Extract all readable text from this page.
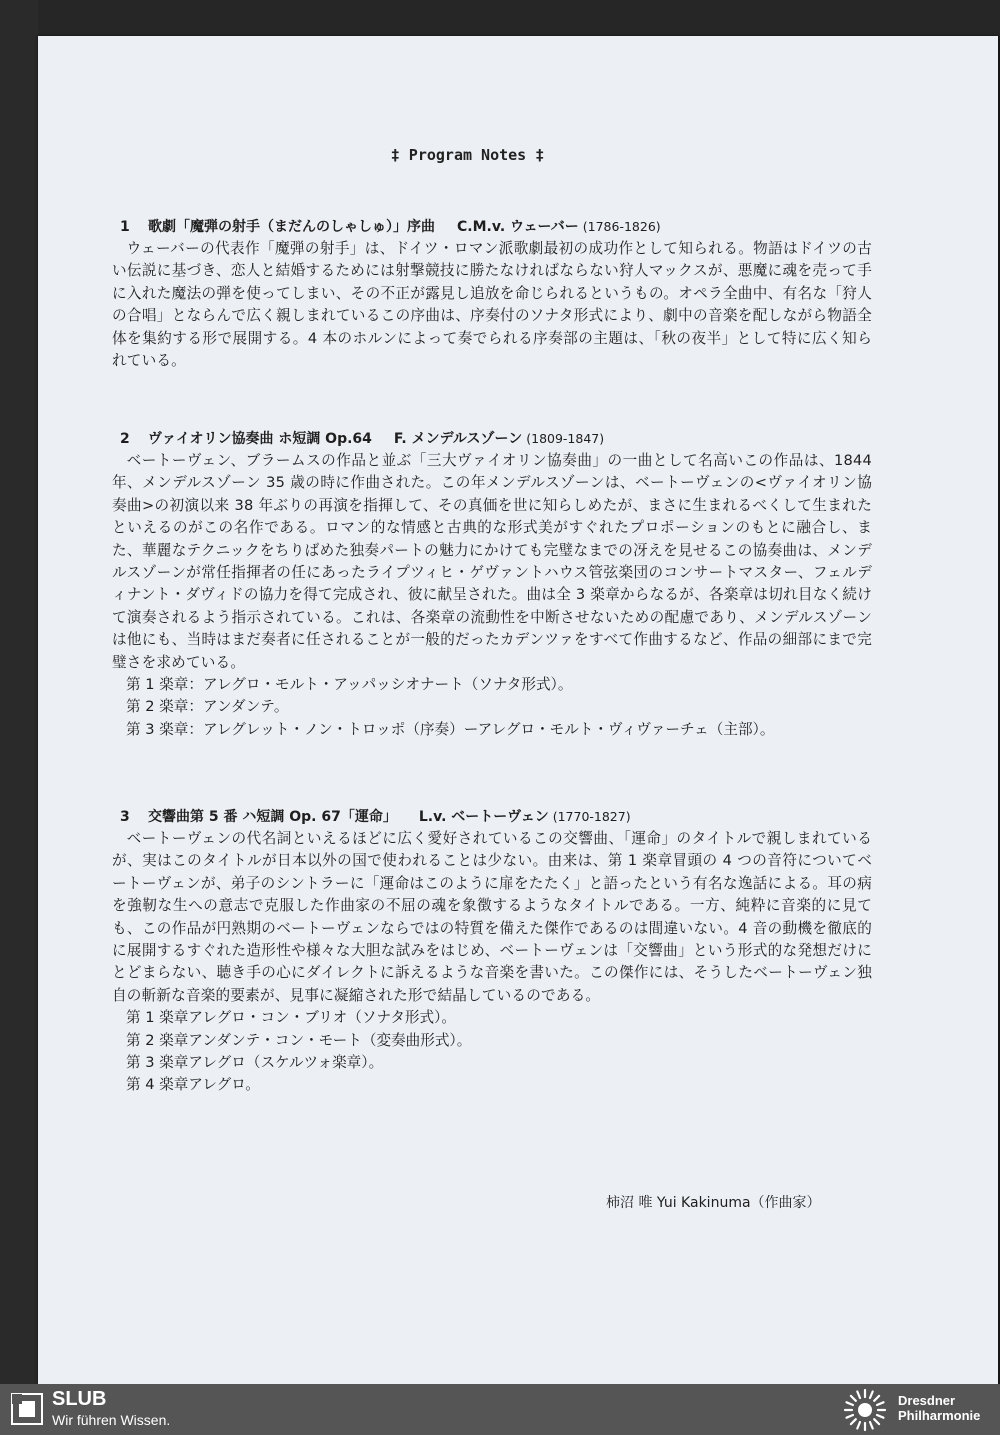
‡ Program Notes ‡

1 歌劇「魔弾の射手（まだんのしゃしゅ）」序曲 C.M.v. ウェーバー (1786-1826)

ウェーバーの代表作「魔弾の射手」は、ドイツ・ロマン派歌劇最初の成功作として知られる。物語はドイツの古い伝説に基づき、恋人と結婚するためには射撃競技に勝たなければならない狩人マックスが、悪魔に魂を売って手に入れた魔法の弾を使ってしまい、その不正が露見し追放を命じられるというもの。オペラ全曲中、有名な「狩人の合唱」とならんで広く親しまれているこの序曲は、序奏付のソナタ形式により、劇中の音楽を配しながら物語全体を集約する形で展開する。4 本のホルンによって奏でられる序奏部の主題は、「秋の夜半」として特に広く知られている。

2 ヴァイオリン協奏曲 ホ短調 Op.64 F. メンデルスゾーン (1809-1847)

ベートーヴェン、ブラームスの作品と並ぶ「三大ヴァイオリン協奏曲」の一曲として名高いこの作品は、1844 年、メンデルスゾーン 35 歳の時に作曲された。この年メンデルスゾーンは、ベートーヴェンの<ヴァイオリン協奏曲>の初演以来 38 年ぶりの再演を指揮して、その真価を世に知らしめたが、まさに生まれるべくして生まれたといえるのがこの名作である。ロマン的な情感と古典的な形式美がすぐれたプロポーションのもとに融合し、また、華麗なテクニックをちりばめた独奏パートの魅力にかけても完璧なまでの冴えを見せるこの協奏曲は、メンデルスゾーンが常任指揮者の任にあったライプツィヒ・ゲヴァントハウス管弦楽団のコンサートマスター、フェルディナント・ダヴィドの協力を得て完成され、彼に献呈された。曲は全 3 楽章からなるが、各楽章は切れ目なく続けて演奏されるよう指示されている。これは、各楽章の流動性を中断させないための配慮であり、メンデルスゾーンは他にも、当時はまだ奏者に任されることが一般的だったカデンツァをすべて作曲するなど、作品の細部にまで完璧さを求めている。

第 1 楽章：アレグロ・モルト・アッパッシオナート（ソナタ形式）。

第 2 楽章：アンダンテ。

第 3 楽章：アレグレット・ノン・トロッポ（序奏）ーアレグロ・モルト・ヴィヴァーチェ（主部）。

3 交響曲第 5 番 ハ短調 Op. 67「運命」 L.v. ベートーヴェン (1770-1827)

ベートーヴェンの代名詞といえるほどに広く愛好されているこの交響曲、「運命」のタイトルで親しまれているが、実はこのタイトルが日本以外の国で使われることは少ない。由来は、第 1 楽章冒頭の 4 つの音符についてベートーヴェンが、弟子のシントラーに「運命はこのように扉をたたく」と語ったという有名な逸話による。耳の病を強靭な生への意志で克服した作曲家の不屈の魂を象徴するようなタイトルである。一方、純粋に音楽的に見ても、この作品が円熟期のベートーヴェンならではの特質を備えた傑作であるのは間違いない。4 音の動機を徹底的に展開するすぐれた造形性や様々な大胆な試みをはじめ、ベートーヴェンは「交響曲」という形式的な発想だけにとどまらない、聴き手の心にダイレクトに訴えるような音楽を書いた。この傑作には、そうしたベートーヴェン独自の斬新な音楽的要素が、見事に凝縮された形で結晶しているのである。

第 1 楽章アレグロ・コン・ブリオ（ソナタ形式）。

第 2 楽章アンダンテ・コン・モート（変奏曲形式）。

第 3 楽章アレグロ（スケルツォ楽章）。

第 4 楽章アレグロ。

柿沼 唯 Yui Kakinuma（作曲家）
SLUB
Wir führen Wissen.
Dresdner
Philharmonie
